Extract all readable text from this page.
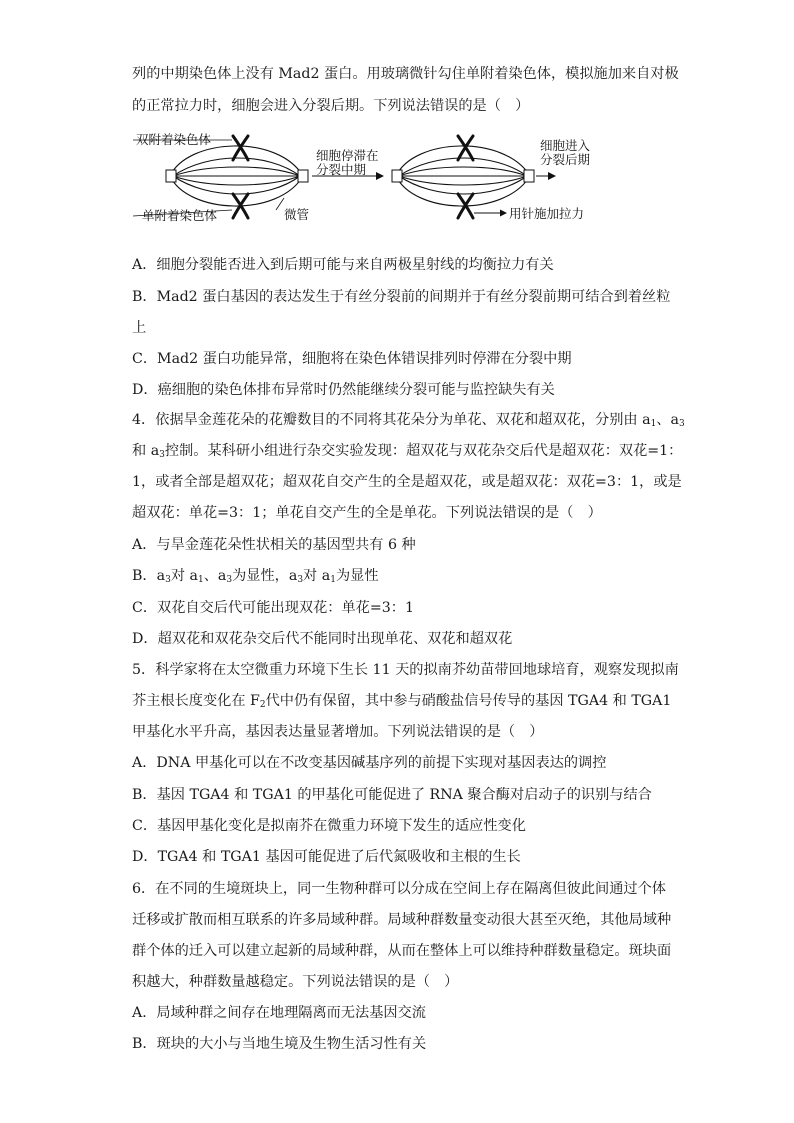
列的中期染色体上没有 Mad2 蛋白。用玻璃微针勾住单附着染色体，模拟施加来自对极
的正常拉力时，细胞会进入分裂后期。下列说法错误的是（　）
双附着染色体
单附着染色体	微管
细胞停滞在
分裂中期
细胞进入
分裂后期
用针施加拉力
A．细胞分裂能否进入到后期可能与来自两极星射线的均衡拉力有关
B．Mad2 蛋白基因的表达发生于有丝分裂前的间期并于有丝分裂前期可结合到着丝粒
上
C．Mad2 蛋白功能异常，细胞将在染色体错误排列时停滞在分裂中期
D．癌细胞的染色体排布异常时仍然能继续分裂可能与监控缺失有关
4．依据旱金莲花朵的花瓣数目的不同将其花朵分为单花、双花和超双花，分别由 $a_1$、$a_3$
和 $a_3$控制。某科研小组进行杂交实验发现：超双花与双花杂交后代是超双花：双花=1：
1，或者全部是超双花；超双花自交产生的全是超双花，或是超双花：双花=3：1，或是
超双花：单花=3：1；单花自交产生的全是单花。下列说法错误的是（　）
A．与旱金莲花朵性状相关的基因型共有 6 种
B．$a_3$对 $a_1$、$a_3$为显性，$a_3$对 $a_1$为显性
C．双花自交后代可能出现双花：单花=3：1
D．超双花和双花杂交后代不能同时出现单花、双花和超双花
5．科学家将在太空微重力环境下生长 11 天的拟南芥幼苗带回地球培育，观察发现拟南
芥主根长度变化在 $F_2$代中仍有保留，其中参与硝酸盐信号传导的基因 TGA4 和 TGA1
甲基化水平升高，基因表达量显著增加。下列说法错误的是（　）
A．DNA 甲基化可以在不改变基因碱基序列的前提下实现对基因表达的调控
B．基因 TGA4 和 TGA1 的甲基化可能促进了 RNA 聚合酶对启动子的识别与结合
C．基因甲基化变化是拟南芥在微重力环境下发生的适应性变化
D．TGA4 和 TGA1 基因可能促进了后代氮吸收和主根的生长
6．在不同的生境斑块上，同一生物种群可以分成在空间上存在隔离但彼此间通过个体
迁移或扩散而相互联系的许多局域种群。局域种群数量变动很大甚至灭绝，其他局域种
群个体的迁入可以建立起新的局域种群，从而在整体上可以维持种群数量稳定。斑块面
积越大，种群数量越稳定。下列说法错误的是（　）
A．局域种群之间存在地理隔离而无法基因交流
B．斑块的大小与当地生境及生物生活习性有关
